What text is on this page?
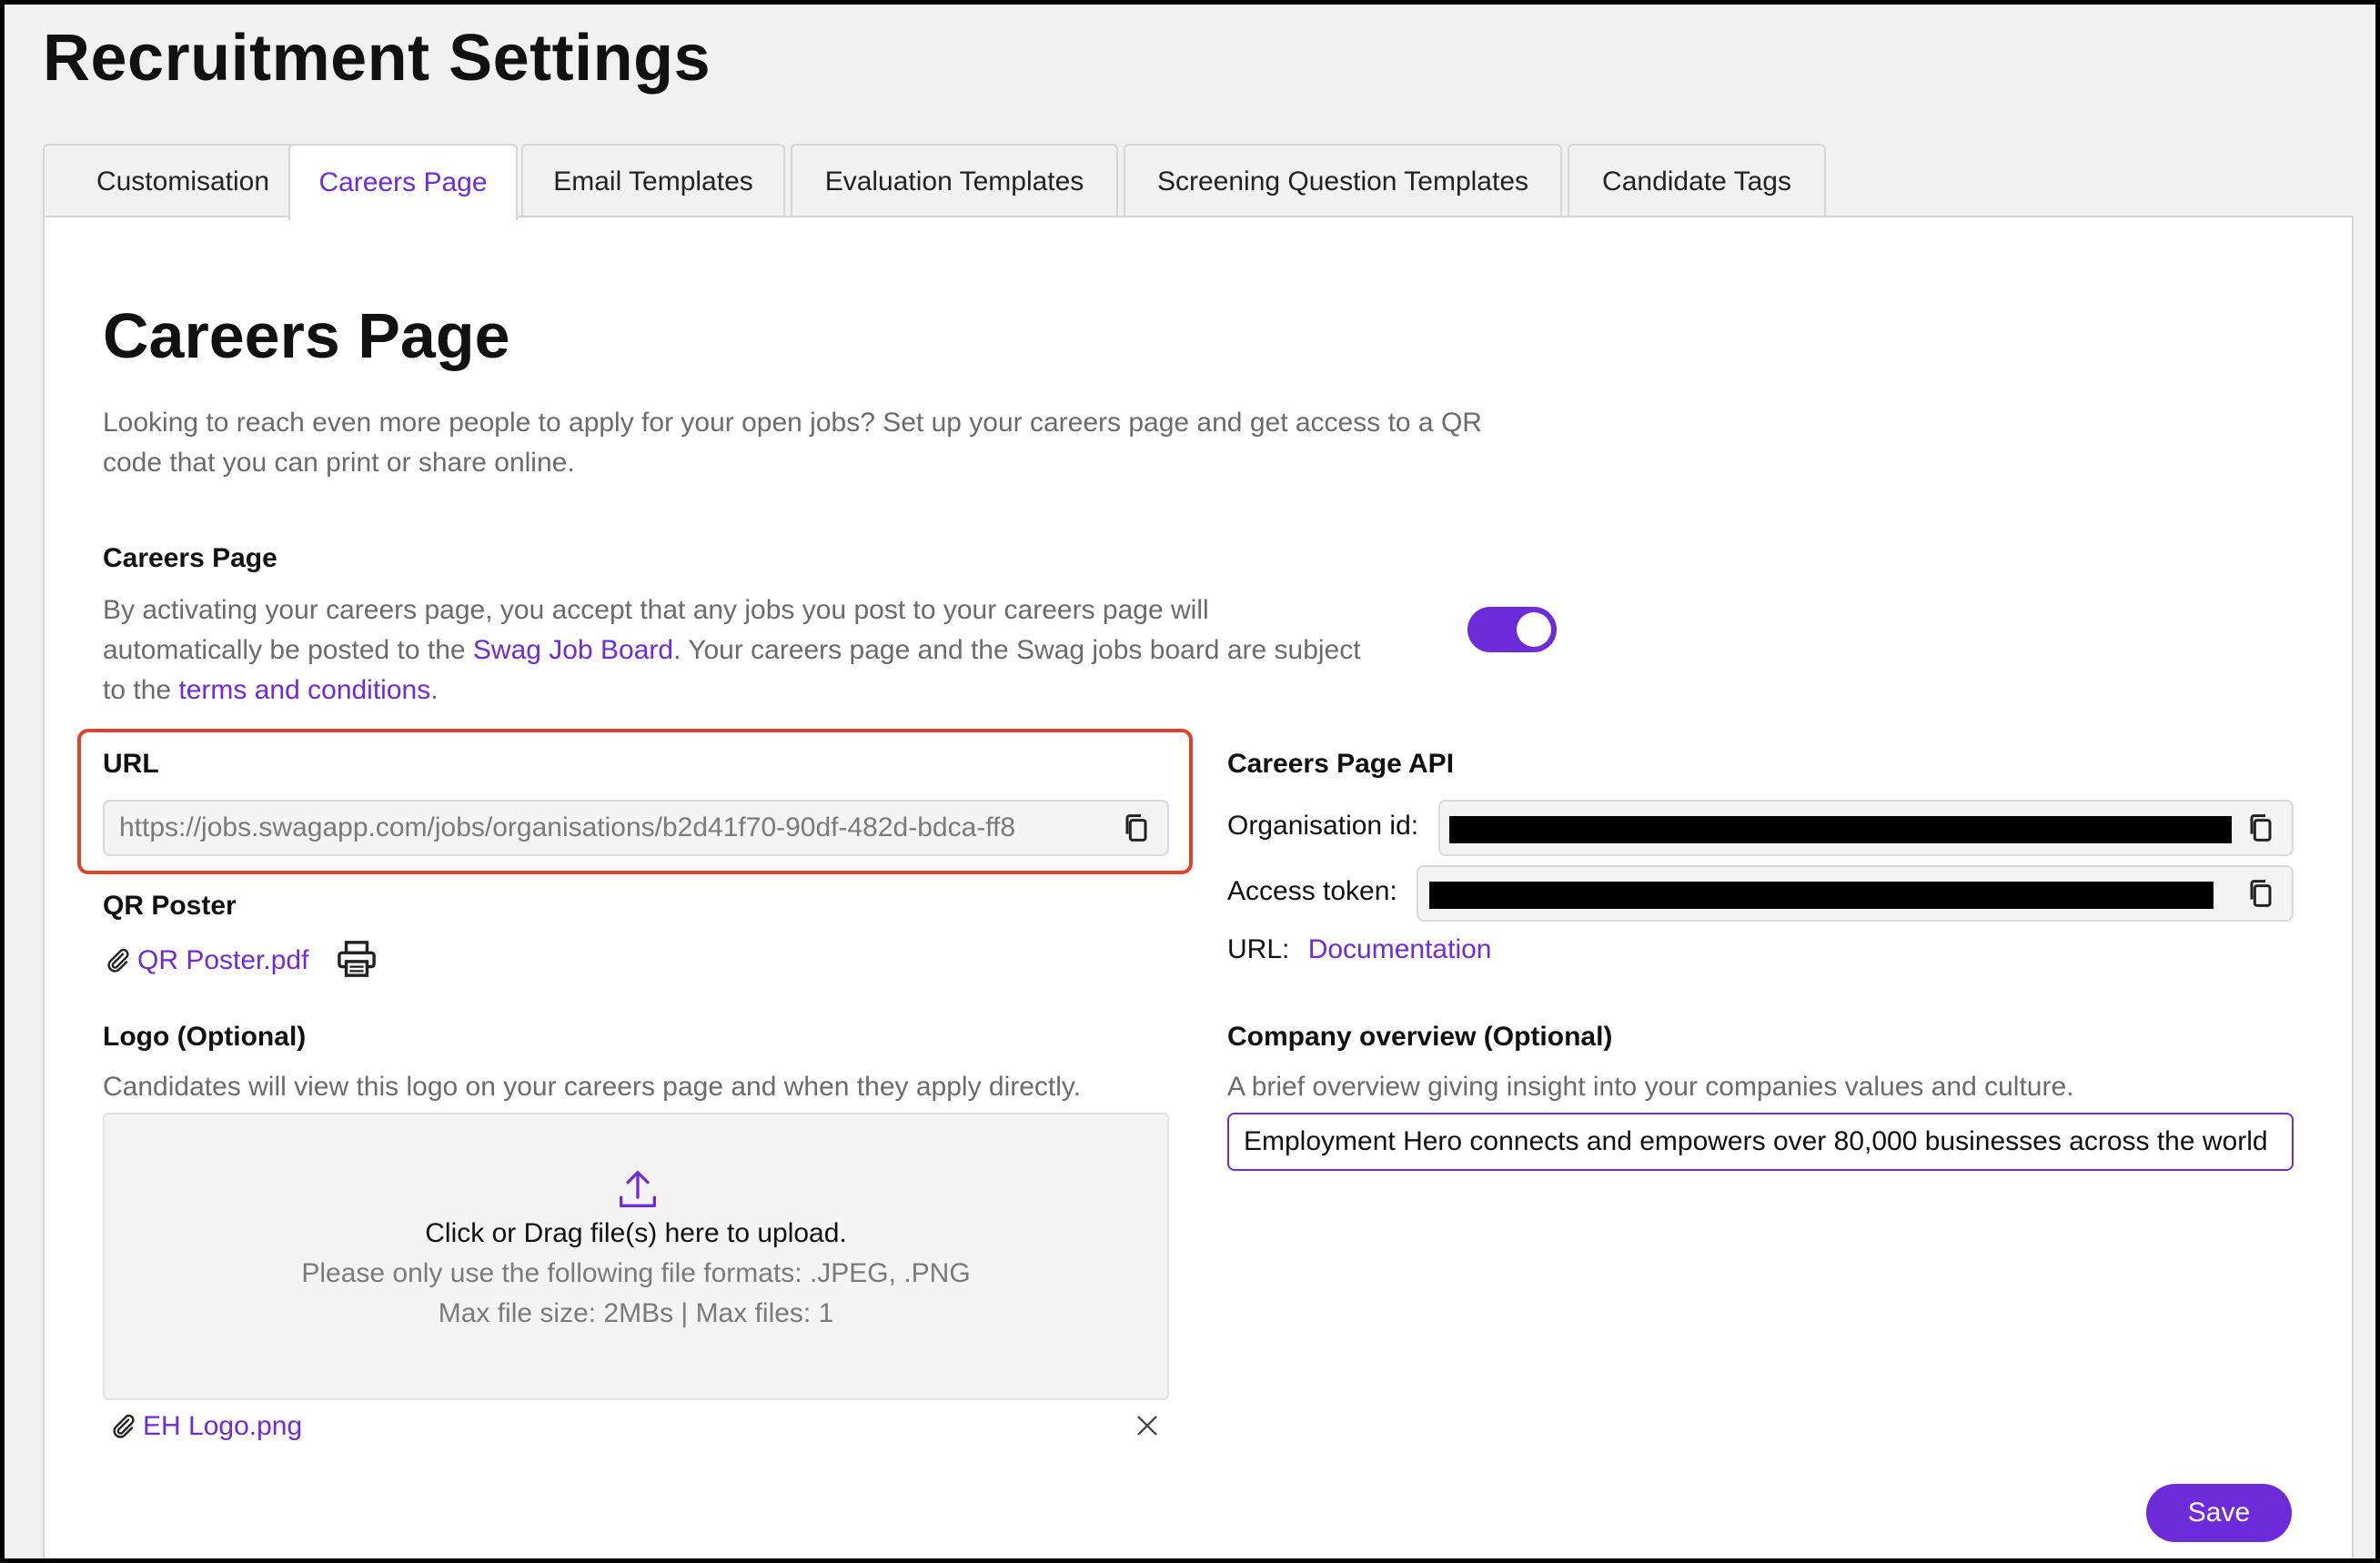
Recruitment Settings
Customisation	Careers Page	Email Templates	Evaluation Templates	Screening Question Templates	Candidate Tags
Careers Page
Looking to reach even more people to apply for your open jobs? Set up your careers page and get access to a QR
code that you can print or share online.
Careers Page
By activating your careers page, you accept that any jobs you post to your careers page will
automatically be posted to the Swag Job Board. Your careers page and the Swag jobs board are subject
to the terms and conditions.
URL
https://jobs.swagapp.com/jobs/organisations/b2d41f70-90df-482d-bdca-ff8
QR Poster
QR Poster.pdf
Logo (Optional)
Candidates will view this logo on your careers page and when they apply directly.
Click or Drag file(s) here to upload.
Please only use the following file formats: .JPEG, .PNG
Max file size: 2MBs | Max files: 1
EH Logo.png
Careers Page API
Organisation id:
Access token:
URL: Documentation
Company overview (Optional)
A brief overview giving insight into your companies values and culture.
Employment Hero connects and empowers over 80,000 businesses across the world
Save
